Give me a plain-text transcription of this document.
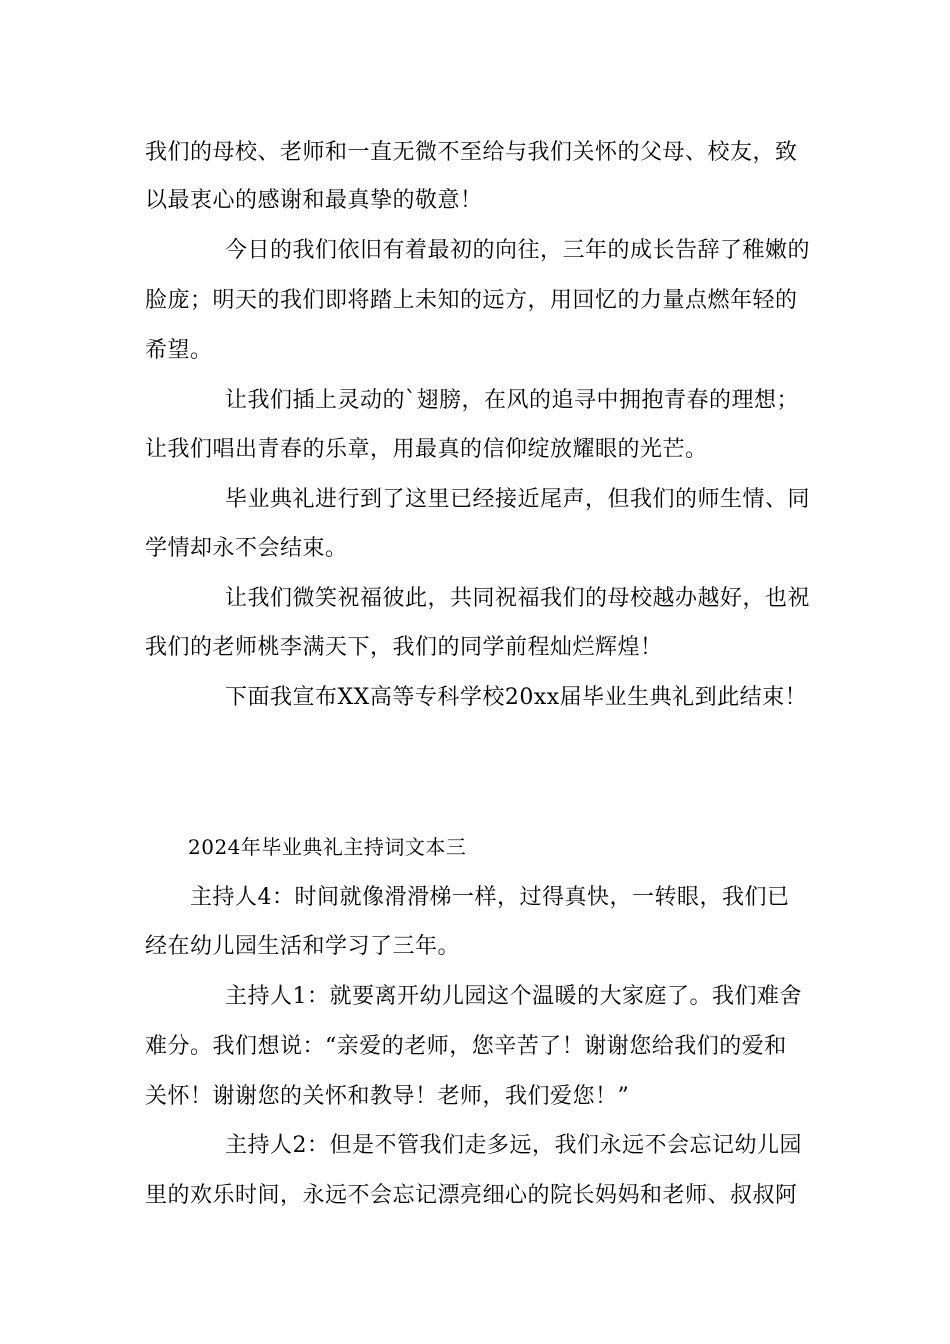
我们的母校、老师和一直无微不至给与我们关怀的父母、校友，致
以最衷心的感谢和最真挚的敬意！
今日的我们依旧有着最初的向往，三年的成长告辞了稚嫩的
脸庞；明天的我们即将踏上未知的远方，用回忆的力量点燃年轻的
希望。
让我们插上灵动的`翅膀，在风的追寻中拥抱青春的理想；
让我们唱出青春的乐章，用最真的信仰绽放耀眼的光芒。
毕业典礼进行到了这里已经接近尾声，但我们的师生情、同
学情却永不会结束。
让我们微笑祝福彼此，共同祝福我们的母校越办越好，也祝
我们的老师桃李满天下，我们的同学前程灿烂辉煌！
下面我宣布XX高等专科学校20xx届毕业生典礼到此结束！
2024年毕业典礼主持词文本三
主持人4：时间就像滑滑梯一样，过得真快，一转眼，我们已
经在幼儿园生活和学习了三年。
主持人1：就要离开幼儿园这个温暖的大家庭了。我们难舍
难分。我们想说：“亲爱的老师，您辛苦了！谢谢您给我们的爱和
关怀！谢谢您的关怀和教导！老师，我们爱您！”
主持人2：但是不管我们走多远，我们永远不会忘记幼儿园
里的欢乐时间，永远不会忘记漂亮细心的院长妈妈和老师、叔叔阿
